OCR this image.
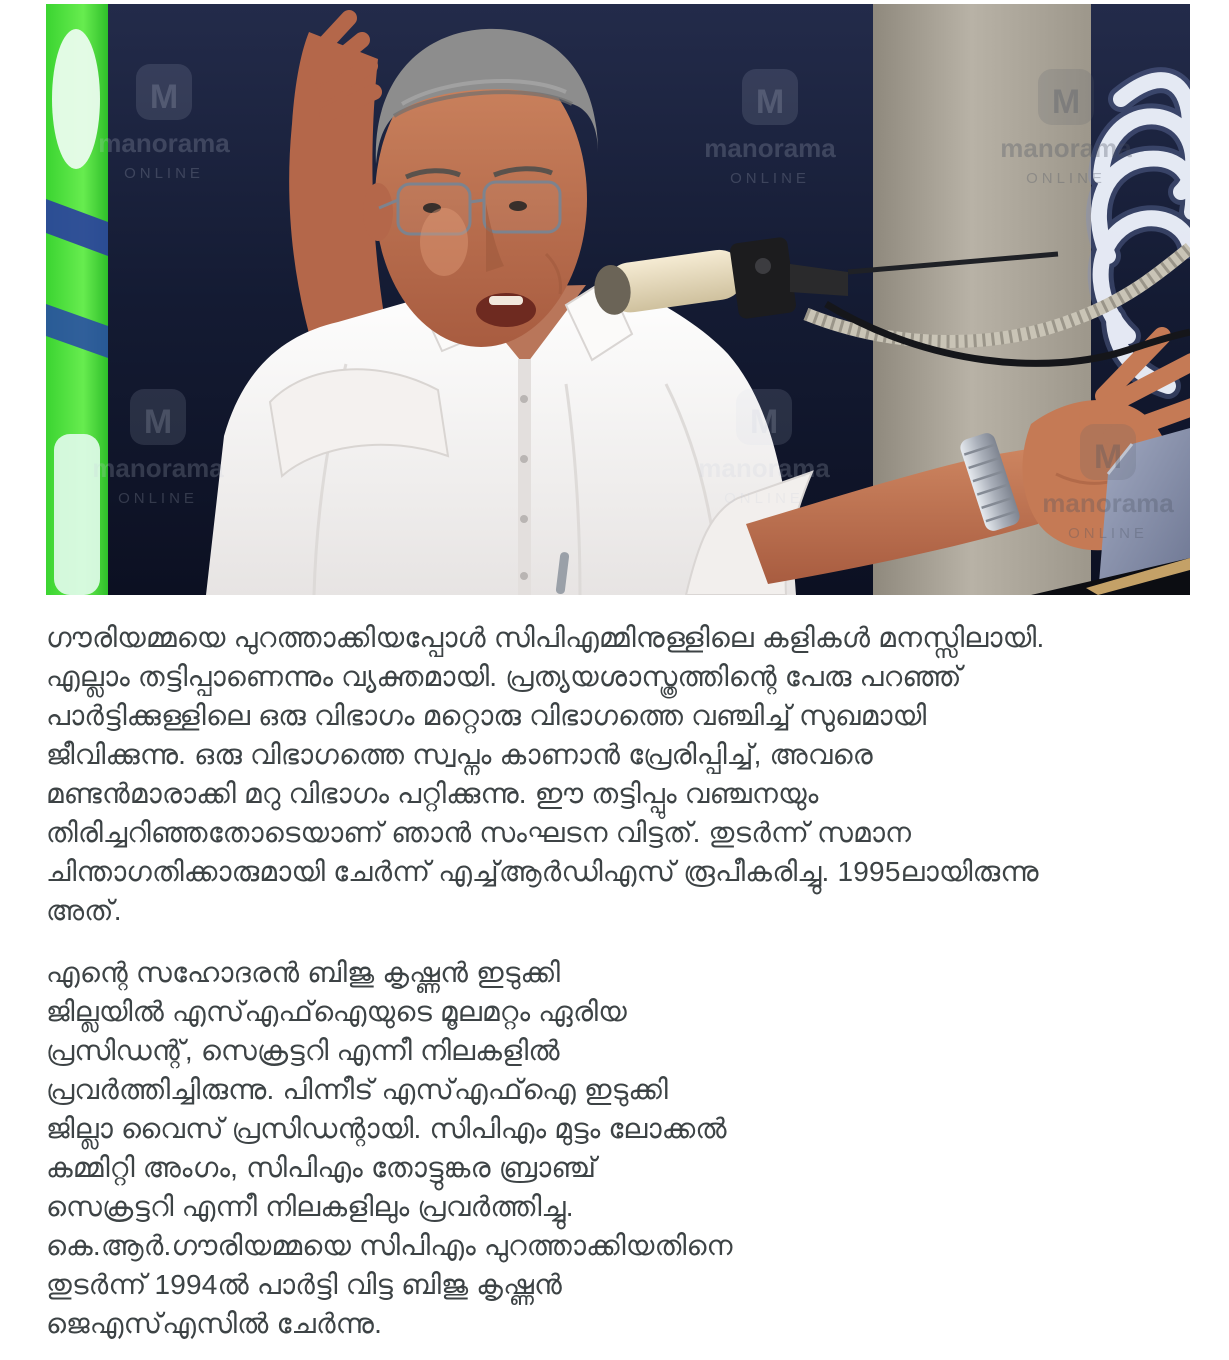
M
manorama
ONLINE
M
manorama
ONLINE
M
manorama
ONLINE
M
manorama
ONLINE
M
manorama
ONLINE
M
manorama
ONLINE

ഗൗരിയമ്മയെ പുറത്താക്കിയപ്പോൾ സിപിഎമ്മിനുള്ളിലെ കളികൾ മനസ്സിലായി.
എല്ലാം തട്ടിപ്പാണെന്നും വ്യക്തമായി. പ്രത്യയശാസ്ത്രത്തിന്റെ പേരു പറഞ്ഞ്
പാർട്ടിക്കുള്ളിലെ ഒരു വിഭാഗം മറ്റൊരു വിഭാഗത്തെ വഞ്ചിച്ച് സുഖമായി
ജീവിക്കുന്നു. ഒരു വിഭാഗത്തെ സ്വപ്നം കാണാൻ പ്രേരിപ്പിച്ച്, അവരെ
മണ്ടൻമാരാക്കി മറു വിഭാഗം പറ്റിക്കുന്നു. ഈ തട്ടിപ്പും വഞ്ചനയും
തിരിച്ചറിഞ്ഞതോടെയാണ് ഞാൻ സംഘടന വിട്ടത്. തുടർന്ന് സമാന
ചിന്താഗതിക്കാരുമായി ചേർന്ന് എച്ച്ആർഡിഎസ് രൂപീകരിച്ചു. 1995ലായിരുന്നു
അത്.

എന്റെ സഹോദരൻ ബിജു കൃഷ്ണൻ ഇടുക്കി
ജില്ലയിൽ എസ്എഫ്ഐയുടെ മൂലമറ്റം ഏരിയ
പ്രസിഡന്റ്, സെക്രട്ടറി എന്നീ നിലകളിൽ
പ്രവർത്തിച്ചിരുന്നു. പിന്നീട് എസ്എഫ്ഐ ഇടുക്കി
ജില്ലാ വൈസ് പ്രസിഡന്റായി. സിപിഎം മുട്ടം ലോക്കൽ
കമ്മിറ്റി അംഗം, സിപിഎം തോട്ടുങ്കര ബ്രാഞ്ച്
സെക്രട്ടറി എന്നീ നിലകളിലും പ്രവർത്തിച്ചു.
കെ.ആർ.ഗൗരിയമ്മയെ സിപിഎം പുറത്താക്കിയതിനെ
തുടർന്ന് 1994ൽ പാർട്ടി വിട്ട ബിജു കൃഷ്ണൻ
ജെഎസ്എസിൽ ചേർന്നു.
